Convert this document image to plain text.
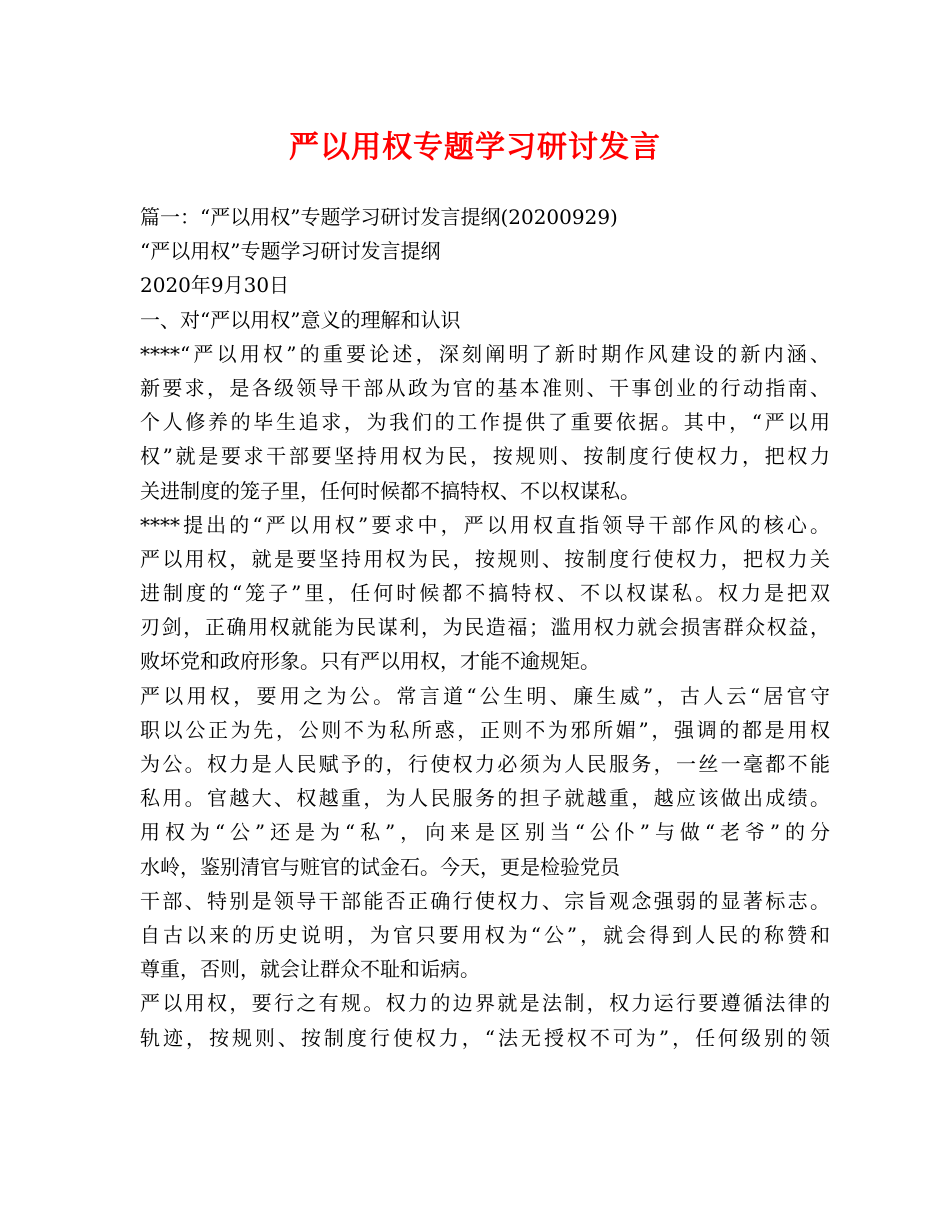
严以用权专题学习研讨发言
篇一：“严以用权”专题学习研讨发言提纲(20200929)
“严以用权”专题学习研讨发言提纲
2020年9月30日
一、对“严以用权”意义的理解和认识
****“严以用权”的重要论述，深刻阐明了新时期作风建设的新内涵、
新要求，是各级领导干部从政为官的基本准则、干事创业的行动指南、
个人修养的毕生追求，为我们的工作提供了重要依据。其中，“严以用
权”就是要求干部要坚持用权为民，按规则、按制度行使权力，把权力
关进制度的笼子里，任何时候都不搞特权、不以权谋私。
****提出的“严以用权”要求中，严以用权直指领导干部作风的核心。
严以用权，就是要坚持用权为民，按规则、按制度行使权力，把权力关
进制度的“笼子”里，任何时候都不搞特权、不以权谋私。权力是把双
刃剑，正确用权就能为民谋利，为民造福；滥用权力就会损害群众权益，
败坏党和政府形象。只有严以用权，才能不逾规矩。
严以用权，要用之为公。常言道“公生明、廉生威”，古人云“居官守
职以公正为先，公则不为私所惑，正则不为邪所媚”，强调的都是用权
为公。权力是人民赋予的，行使权力必须为人民服务，一丝一毫都不能
私用。官越大、权越重，为人民服务的担子就越重，越应该做出成绩。
用权为“公”还是为“私”，向来是区别当“公仆”与做“老爷”的分
水岭，鉴别清官与赃官的试金石。今天，更是检验党员
干部、特别是领导干部能否正确行使权力、宗旨观念强弱的显著标志。
自古以来的历史说明，为官只要用权为“公”，就会得到人民的称赞和
尊重，否则，就会让群众不耻和诟病。
严以用权，要行之有规。权力的边界就是法制，权力运行要遵循法律的
轨迹，按规则、按制度行使权力，“法无授权不可为”，任何级别的领
